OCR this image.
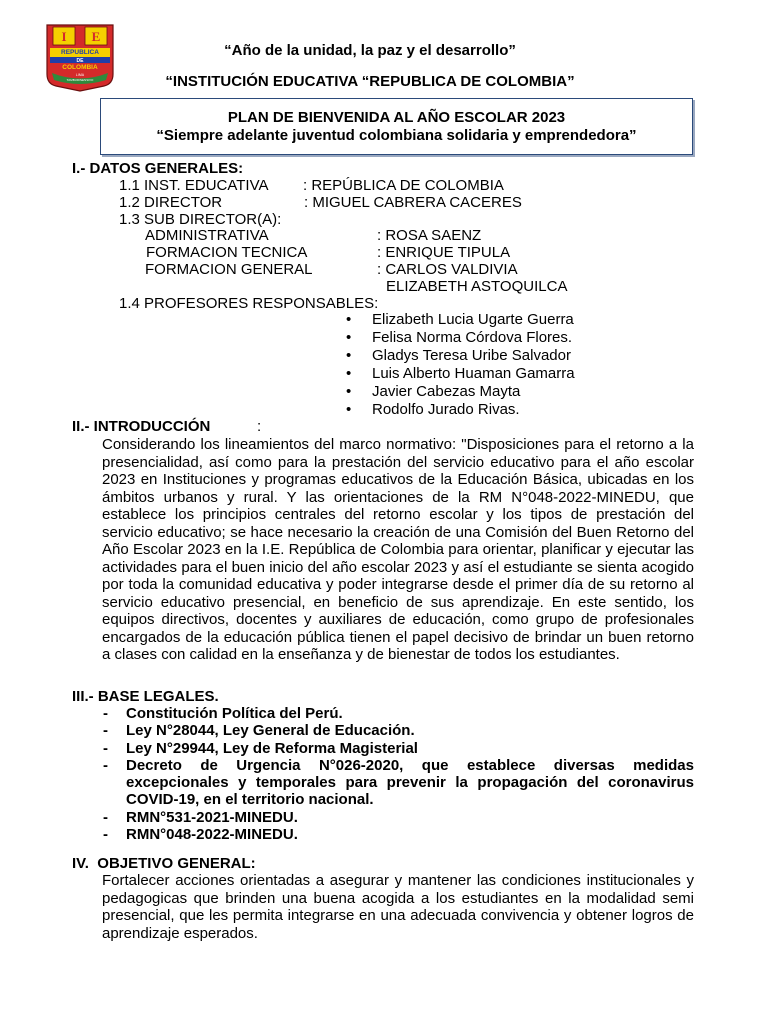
I E
REPUBLICA
DE
COLOMBIA
LIMA
TAMBURINENSIVO
“Año de la unidad, la paz y el desarrollo”
“INSTITUCIÓN EDUCATIVA “REPUBLICA DE COLOMBIA”
PLAN DE BIENVENIDA AL AÑO ESCOLAR 2023
“Siempre adelante juventud colombiana solidaria y emprendedora”
I.- DATOS GENERALES:
1.1 INST. EDUCATIVA : REPÚBLICA DE COLOMBIA
1.2 DIRECTOR	: MIGUEL CABRERA CACERES
1.3 SUB DIRECTOR(A):
ADMINISTRATIVA	: ROSA SAENZ
FORMACION TECNICA	: ENRIQUE TIPULA
FORMACION GENERAL	: CARLOS VALDIVIA
ELIZABETH ASTOQUILCA
1.4 PROFESORES RESPONSABLES:
• Elizabeth Lucia Ugarte Guerra
• Felisa Norma Córdova Flores.
• Gladys Teresa Uribe Salvador
• Luis Alberto Huaman Gamarra
• Javier Cabezas Mayta
• Rodolfo Jurado Rivas.
II.- INTRODUCCIÓN	:
Considerando los lineamientos del marco normativo: "Disposiciones para el retorno a la presencialidad, así como para la prestación del servicio educativo para el año escolar 2023 en Instituciones y programas educativos de la Educación Básica, ubicadas en los ámbitos urbanos y rural. Y las orientaciones de la RM N°048-2022-MINEDU, que establece los principios centrales del retorno escolar y los tipos de prestación del servicio educativo; se hace necesario la creación de una Comisión del Buen Retorno del Año Escolar 2023 en la I.E. República de Colombia para orientar, planificar y ejecutar las actividades para el buen inicio del año escolar 2023 y así el estudiante se sienta acogido por toda la comunidad educativa y poder integrarse desde el primer día de su retorno al servicio educativo presencial, en beneficio de sus aprendizaje. En este sentido, los equipos directivos, docentes y auxiliares de educación, como grupo de profesionales encargados de la educación pública tienen el papel decisivo de brindar un buen retorno a clases con calidad en la enseñanza y de bienestar de todos los estudiantes.
III.- BASE LEGALES.
- Constitución Política del Perú.
- Ley N°28044, Ley General de Educación.
- Ley N°29944, Ley de Reforma Magisterial
- Decreto de Urgencia N°026-2020, que establece diversas medidas excepcionales y temporales para prevenir la propagación del coronavirus COVID-19, en el territorio nacional.
- RMN°531-2021-MINEDU.
- RMN°048-2022-MINEDU.
IV.  OBJETIVO GENERAL:
Fortalecer acciones orientadas a asegurar y mantener las condiciones institucionales y pedagogicas que brinden una buena acogida a los estudiantes en la modalidad semi presencial, que les permita integrarse en una adecuada convivencia y obtener logros de aprendizaje esperados.
